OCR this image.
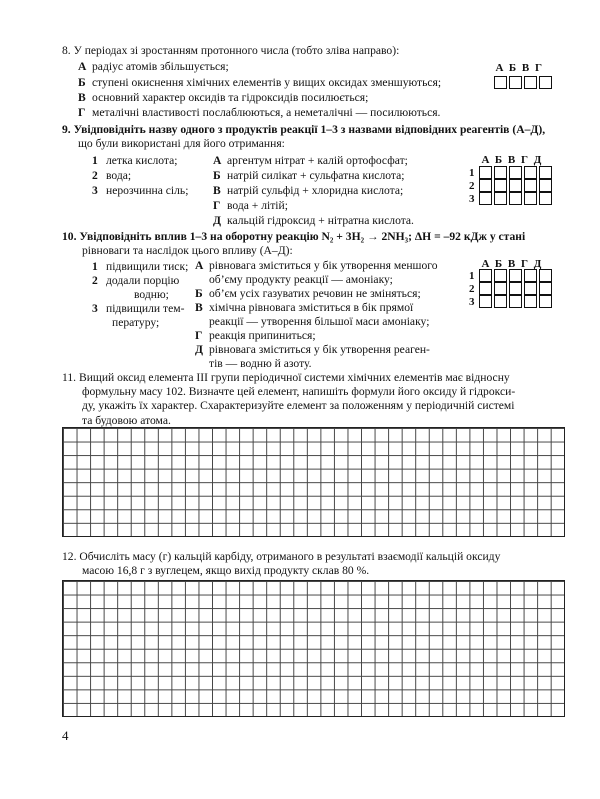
8. У періодах зі зростанням протонного числа (тобто зліва направо):
А радіус атомів збільшується;
Б ступені окиснення хімічних елементів у вищих оксидах зменшуються;
В основний характер оксидів та гідроксидів посилюється;
Г металічні властивості послаблюються, а неметалічні — посилюються.
А Б В Г
9. Увідповідніть назву одного з продуктів реакції 1–3 з назвами відповідних реагентів (А–Д),
що були використані для його отримання:
1 летка кислота;
2 вода;
3 нерозчинна сіль;
А аргентум нітрат + калій ортофосфат;
Б натрій силікат + сульфатна кислота;
В натрій сульфід + хлоридна кислота;
Г вода + літій;
Д кальцій гідроксид + нітратна кислота.
А Б В Г Д
1
2
3
10. Увідповідніть вплив 1–3 на оборотну реакцію N₂ + 3H₂ → 2NH₃; ΔH = –92 кДж у стані
рівноваги та наслідок цього впливу (А–Д):
1 підвищили тиск;
2 додали порцію
водню;
3 підвищили тем-
пературу;
А рівновага зміститься у бік утворення меншого
об’єму продукту реакції — амоніаку;
Б об’єм усіх газуватих речовин не зміняться;
В хімічна рівновага зміститься в бік прямої
реакції — утворення більшої маси амоніаку;
Г реакція припиниться;
Д рівновага зміститься у бік утворення реаген-
тів — водню й азоту.
А Б В Г Д
1
2
3
11. Вищий оксид елемента III групи періодичної системи хімічних елементів має відносну
формульну масу 102. Визначте цей елемент, напишіть формули його оксиду й гідрокси-
ду, укажіть їх характер. Схарактеризуйте елемент за положенням у періодичній системі
та будовою атома.
12. Обчисліть масу (г) кальцій карбіду, отриманого в результаті взаємодії кальцій оксиду
масою 16,8 г з вуглецем, якщо вихід продукту склав 80 %.
4
